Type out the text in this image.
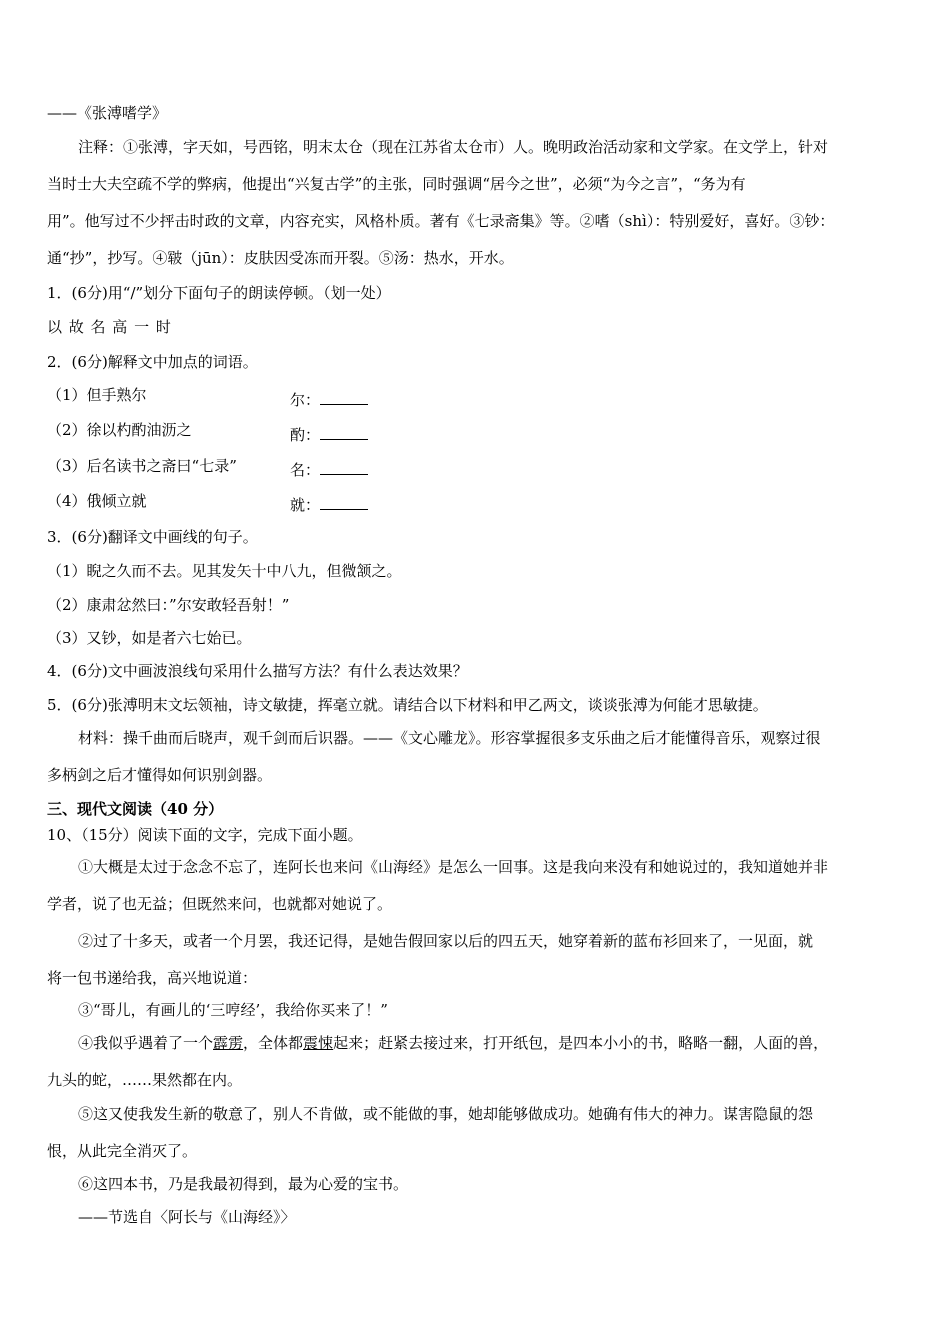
——《张溥嗜学》
注释：①张溥，字天如，号西铭，明末太仓（现在江苏省太仓市）人。晚明政治活动家和文学家。在文学上，针对
当时士大夫空疏不学的弊病，他提出“兴复古学”的主张，同时强调“居今之世”，必须“为今之言”，“务为有
用”。他写过不少抨击时政的文章，内容充实，风格朴质。著有《七录斋集》等。②嗜（shì）：特别爱好，喜好。③钞：
通“抄”，抄写。④皲（jūn）：皮肤因受冻而开裂。⑤汤：热水，开水。
1．(6分)用“/”划分下面句子的朗读停顿。（划一处）
以 故 名 高 一 时
2．(6分)解释文中加点的词语。
（1）但手熟尔	尔：
（2）徐以杓酌油沥之	酌：
（3）后名读书之斋曰“七录”	名：
（4）俄倾立就	就：
3．(6分)翻译文中画线的句子。
（1）睨之久而不去。见其发矢十中八九，但微颔之。
（2）康肃忿然曰：”尔安敢轻吾射！”
（3）又钞，如是者六七始已。
4．(6分)文中画波浪线句采用什么描写方法？有什么表达效果？
5．(6分)张溥明末文坛领袖，诗文敏捷，挥毫立就。请结合以下材料和甲乙两文，谈谈张溥为何能才思敏捷。
材料：操千曲而后晓声，观千剑而后识器。——《文心雕龙》。形容掌握很多支乐曲之后才能懂得音乐，观察过很
多柄剑之后才懂得如何识别剑器。
三、现代文阅读（40 分）
10、（15分）阅读下面的文字，完成下面小题。
①大概是太过于念念不忘了，连阿长也来问《山海经》是怎么一回事。这是我向来没有和她说过的，我知道她并非
学者，说了也无益；但既然来问，也就都对她说了。
②过了十多天，或者一个月罢，我还记得，是她告假回家以后的四五天，她穿着新的蓝布衫回来了，一见面，就
将一包书递给我，高兴地说道：
③“哥儿，有画儿的‘三哼经’，我给你买来了！”
④我似乎遇着了一个霹雳，全体都震悚起来；赶紧去接过来，打开纸包，是四本小小的书，略略一翻，人面的兽，
九头的蛇，……果然都在内。
⑤这又使我发生新的敬意了，别人不肯做，或不能做的事，她却能够做成功。她确有伟大的神力。谋害隐鼠的怨
恨，从此完全消灭了。
⑥这四本书，乃是我最初得到，最为心爱的宝书。
——节选自〈阿长与《山海经》〉
